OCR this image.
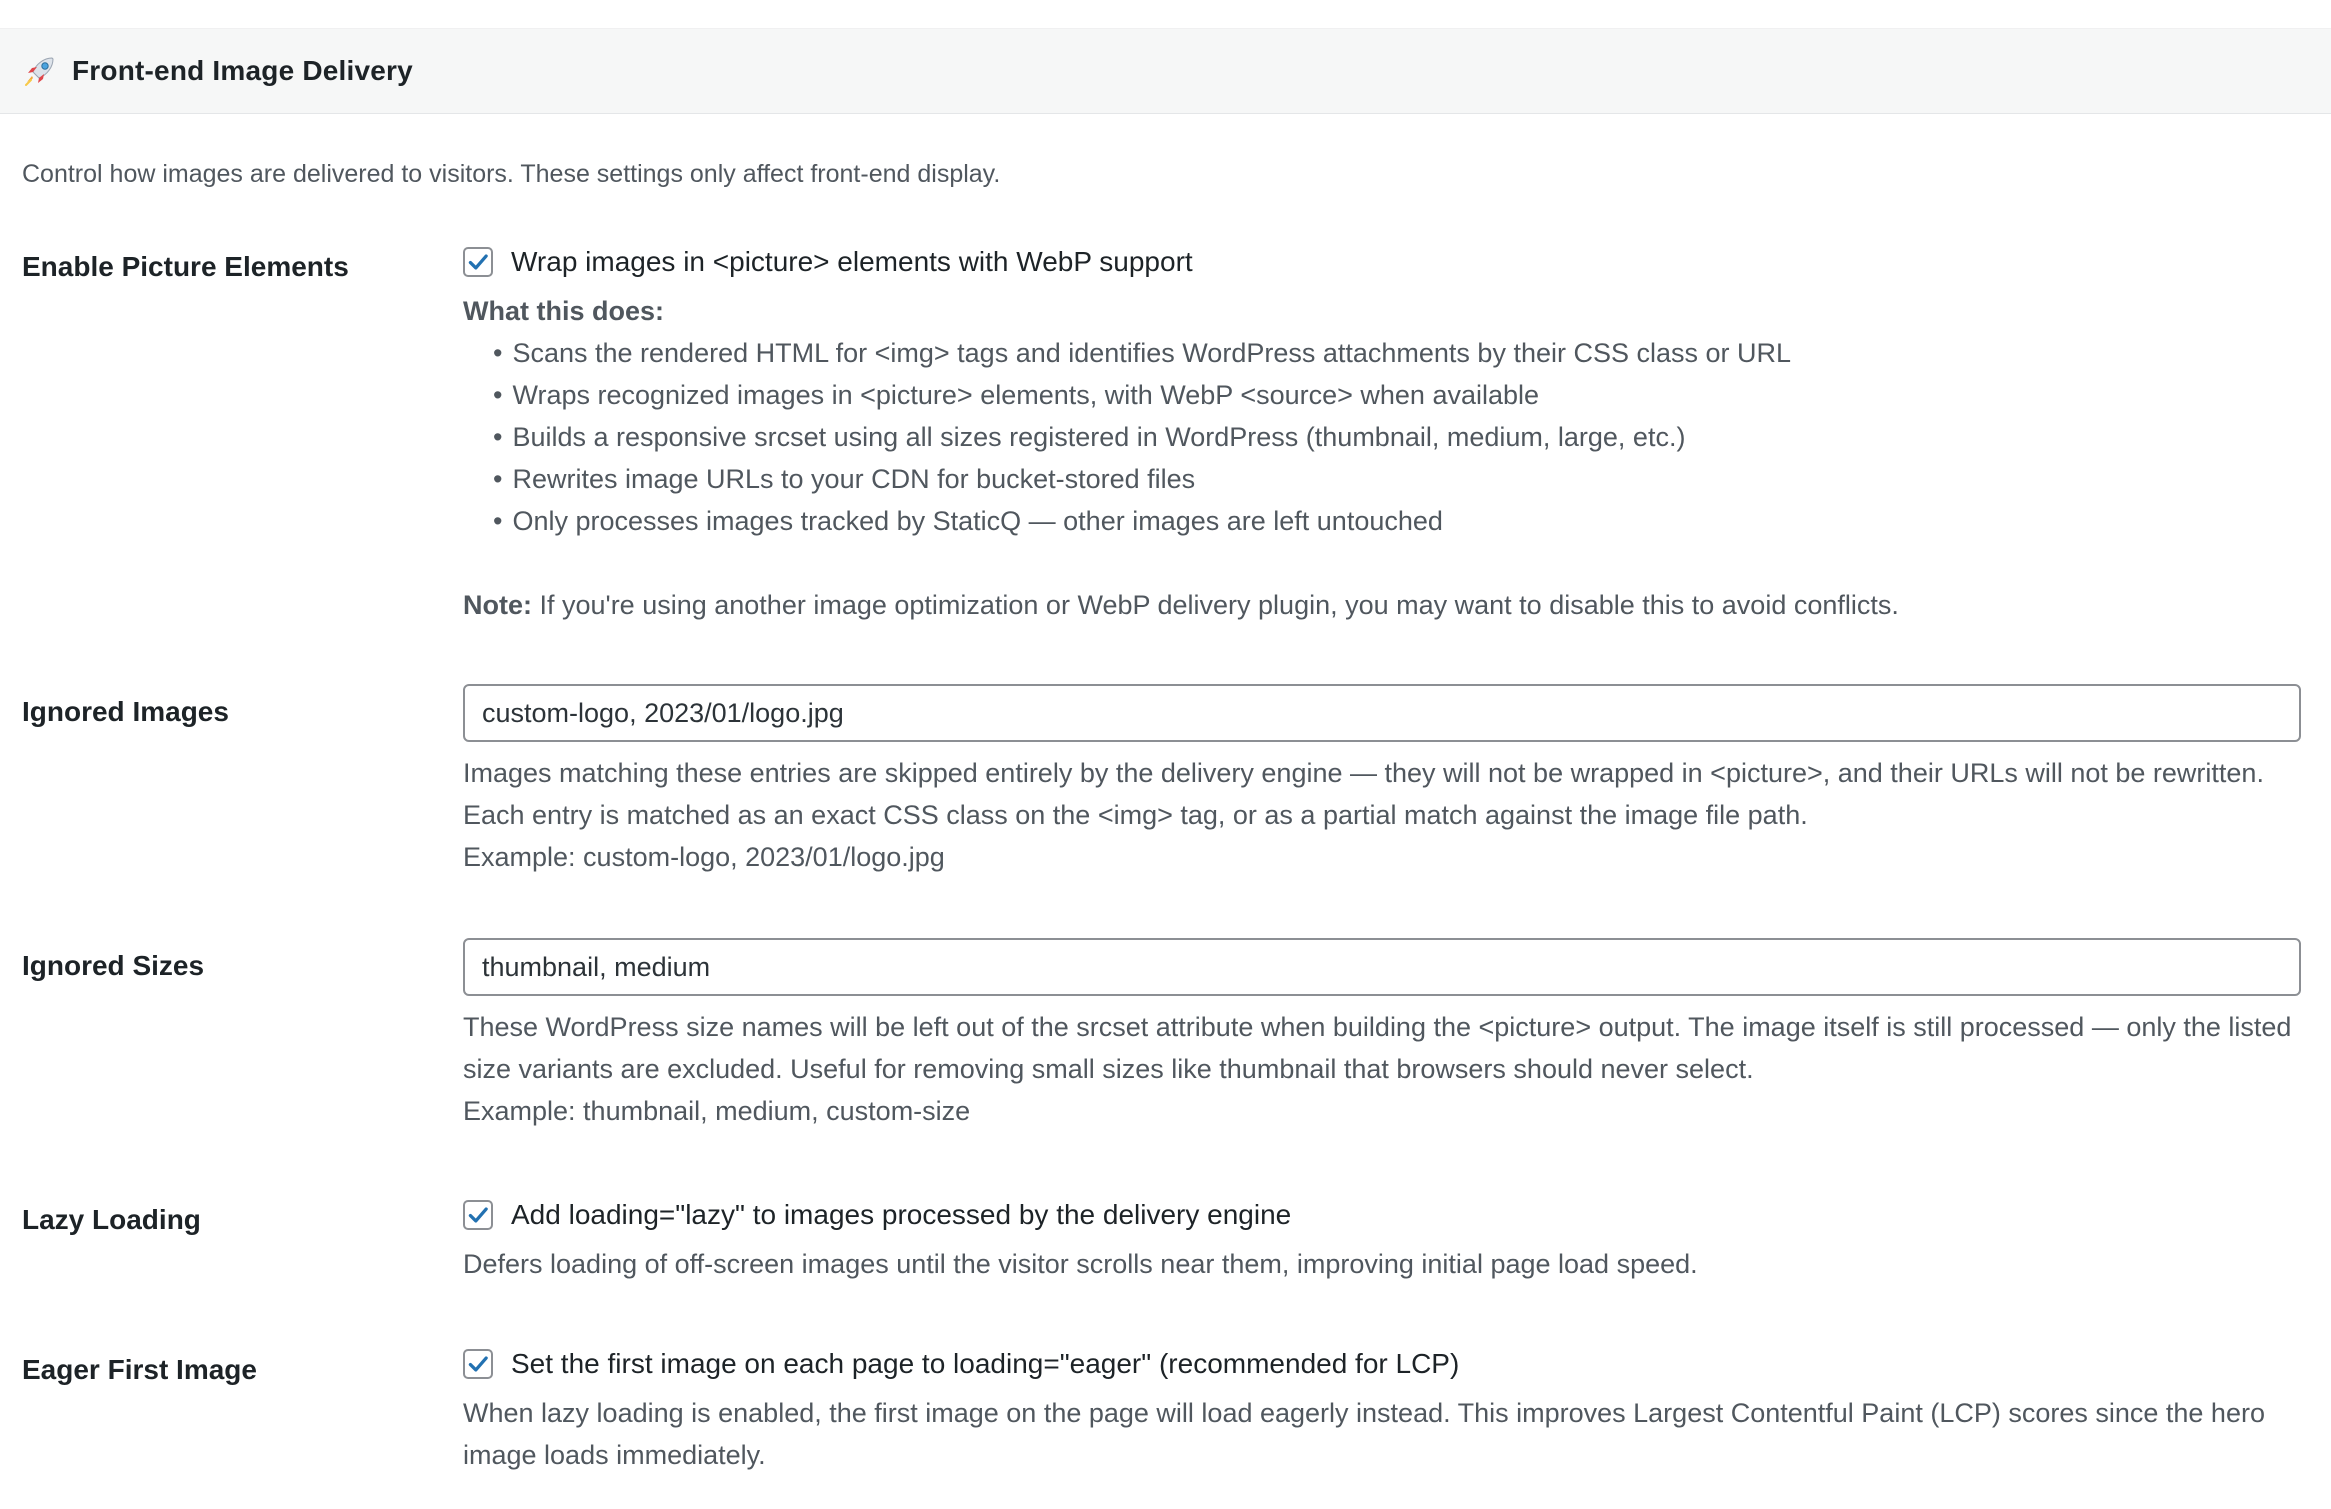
Front-end Image Delivery
Control how images are delivered to visitors. These settings only affect front-end display.
Enable Picture Elements	Wrap images in <picture> elements with WebP support
What this does:
• Scans the rendered HTML for <img> tags and identifies WordPress attachments by their CSS class or URL
• Wraps recognized images in <picture> elements, with WebP <source> when available
• Builds a responsive srcset using all sizes registered in WordPress (thumbnail, medium, large, etc.)
• Rewrites image URLs to your CDN for bucket-stored files
• Only processes images tracked by StaticQ — other images are left untouched
Note: If you're using another image optimization or WebP delivery plugin, you may want to disable this to avoid conflicts.
Ignored Images
custom-logo, 2023/01/logo.jpg
Images matching these entries are skipped entirely by the delivery engine — they will not be wrapped in <picture>, and their URLs will not be rewritten. Each entry is matched as an exact CSS class on the <img> tag, or as a partial match against the image file path.
Example: custom-logo, 2023/01/logo.jpg
Ignored Sizes
thumbnail, medium
These WordPress size names will be left out of the srcset attribute when building the <picture> output. The image itself is still processed — only the listed size variants are excluded. Useful for removing small sizes like thumbnail that browsers should never select.
Example: thumbnail, medium, custom-size
Lazy Loading	Add loading="lazy" to images processed by the delivery engine
Defers loading of off-screen images until the visitor scrolls near them, improving initial page load speed.
Eager First Image	Set the first image on each page to loading="eager" (recommended for LCP)
When lazy loading is enabled, the first image on the page will load eagerly instead. This improves Largest Contentful Paint (LCP) scores since the hero image loads immediately.
